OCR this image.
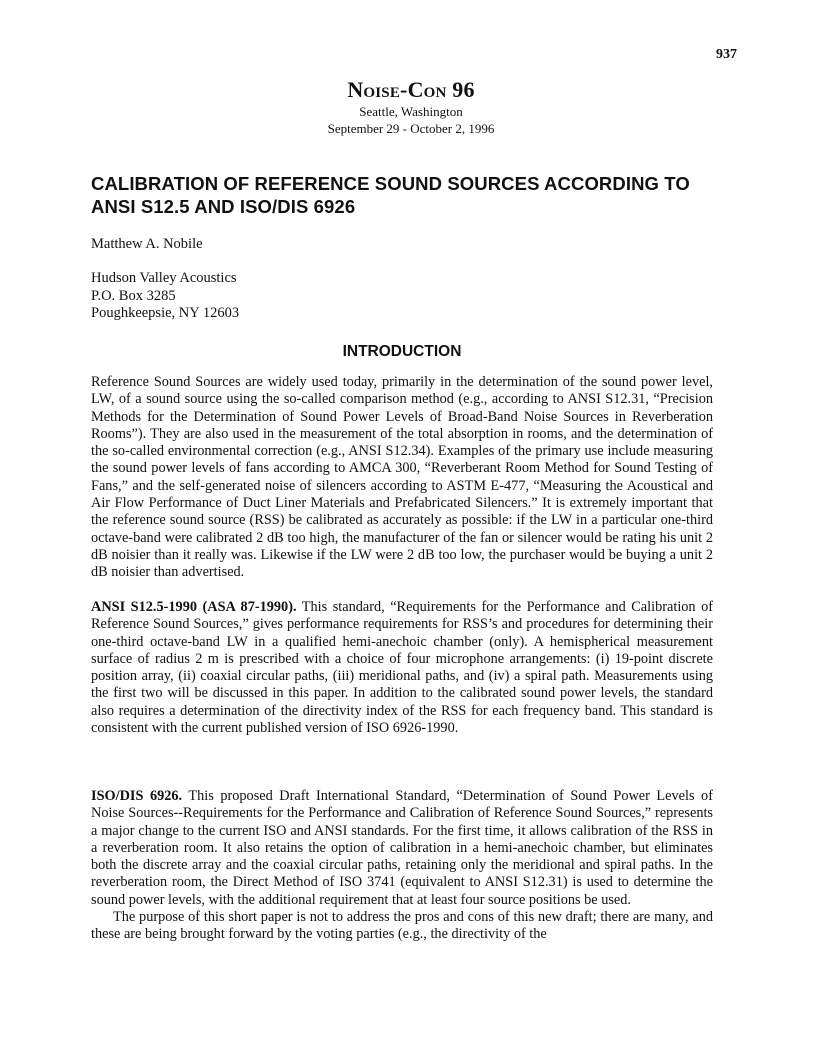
937
Noise-Con 96
Seattle, Washington
September 29 - October 2, 1996
CALIBRATION OF REFERENCE SOUND SOURCES ACCORDING TO ANSI S12.5 AND ISO/DIS 6926
Matthew A. Nobile
Hudson Valley Acoustics
P.O. Box 3285
Poughkeepsie, NY 12603
INTRODUCTION

Reference Sound Sources are widely used today, primarily in the determination of the sound power level, LW, of a sound source using the so-called comparison method (e.g., according to ANSI S12.31, “Precision Methods for the Determination of Sound Power Levels of Broad-Band Noise Sources in Reverberation Rooms”). They are also used in the measurement of the total absorption in rooms, and the determination of the so-called environmental correction (e.g., ANSI S12.34). Examples of the primary use include measuring the sound power levels of fans according to AMCA 300, “Reverberant Room Method for Sound Testing of Fans,” and the self-generated noise of silencers according to ASTM E-477, “Measuring the Acoustical and Air Flow Performance of Duct Liner Materials and Prefabricated Silencers.” It is extremely important that the reference sound source (RSS) be calibrated as accurately as possible: if the LW in a particular one-third octave-band were calibrated 2 dB too high, the manufacturer of the fan or silencer would be rating his unit 2 dB noisier than it really was. Likewise if the LW were 2 dB too low, the purchaser would be buying a unit 2 dB noisier than advertised.

ANSI S12.5-1990 (ASA 87-1990). This standard, “Requirements for the Performance and Calibration of Reference Sound Sources,” gives performance requirements for RSS’s and procedures for determining their one-third octave-band LW in a qualified hemi-anechoic chamber (only). A hemispherical measurement surface of radius 2 m is prescribed with a choice of four microphone arrangements: (i) 19-point discrete position array, (ii) coaxial circular paths, (iii) meridional paths, and (iv) a spiral path. Measurements using the first two will be discussed in this paper. In addition to the calibrated sound power levels, the standard also requires a determination of the directivity index of the RSS for each frequency band. This standard is consistent with the current published version of ISO 6926-1990.

ISO/DIS 6926. This proposed Draft International Standard, “Determination of Sound Power Levels of Noise Sources--Requirements for the Performance and Calibration of Reference Sound Sources,” represents a major change to the current ISO and ANSI standards. For the first time, it allows calibration of the RSS in a reverberation room. It also retains the option of calibration in a hemi-anechoic chamber, but eliminates both the discrete array and the coaxial circular paths, retaining only the meridional and spiral paths. In the reverberation room, the Direct Method of ISO 3741 (equivalent to ANSI S12.31) is used to determine the sound power levels, with the additional requirement that at least four source positions be used.

The purpose of this short paper is not to address the pros and cons of this new draft; there are many, and these are being brought forward by the voting parties (e.g., the directivity of the
